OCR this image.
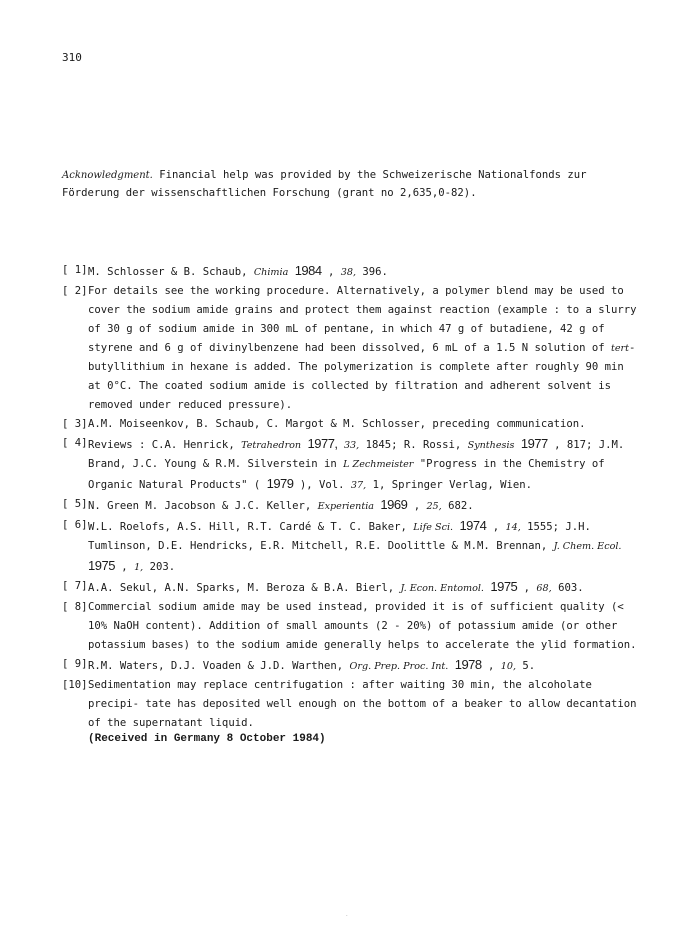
310
Acknowledgment. Financial help was provided by the Schweizerische Nationalfonds zur Förderung der wissenschaftlichen Forschung (grant no 2,635,0-82).
[ 1] M. Schlosser & B. Schaub, Chimia 1984 , 38, 396.
[ 2] For details see the working procedure. Alternatively, a polymer blend may be used to cover the sodium amide grains and protect them against reaction (example : to a slurry of 30 g of sodium amide in 300 mL of pentane, in which 47 g of butadiene, 42 g of styrene and 6 g of divinylbenzene had been dissolved, 6 mL of a 1.5 N solution of tert-butyllithium in hexane is added. The polymerization is complete after roughly 90 min at 0°C. The coated sodium amide is collected by filtration and adherent solvent is removed under reduced pressure).
[ 3] A.M. Moiseenkov, B. Schaub, C. Margot & M. Schlosser, preceding communication.
[ 4] Reviews : C.A. Henrick, Tetrahedron 1977, 33, 1845; R. Rossi, Synthesis 1977 , 817; J.M. Brand, J.C. Young & R.M. Silverstein in L Zechmeister "Progress in the Chemistry of Organic Natural Products" ( 1979 ), Vol. 37, 1, Springer Verlag, Wien.
[ 5] N. Green M. Jacobson & J.C. Keller, Experientia 1969 , 25, 682.
[ 6] W.L. Roelofs, A.S. Hill, R.T. Cardé & T. C. Baker, Life Sci. 1974 , 14, 1555; J.H. Tumlinson, D.E. Hendricks, E.R. Mitchell, R.E. Doolittle & M.M. Brennan, J. Chem. Ecol. 1975 , 1, 203.
[ 7] A.A. Sekul, A.N. Sparks, M. Beroza & B.A. Bierl, J. Econ. Entomol. 1975 , 68, 603.
[ 8] Commercial sodium amide may be used instead, provided it is of sufficient quality (< 10% NaOH content). Addition of small amounts (2 - 20%) of potassium amide (or other potassium bases) to the sodium amide generally helps to accelerate the ylid formation.
[ 9] R.M. Waters, D.J. Voaden & J.D. Warthen, Org. Prep. Proc. Int. 1978 , 10, 5.
[10] Sedimentation may replace centrifugation : after waiting 30 min, the alcoholate precipi- tate has deposited well enough on the bottom of a beaker to allow decantation of the supernatant liquid.
(Received in Germany 8 October 1984)
.
